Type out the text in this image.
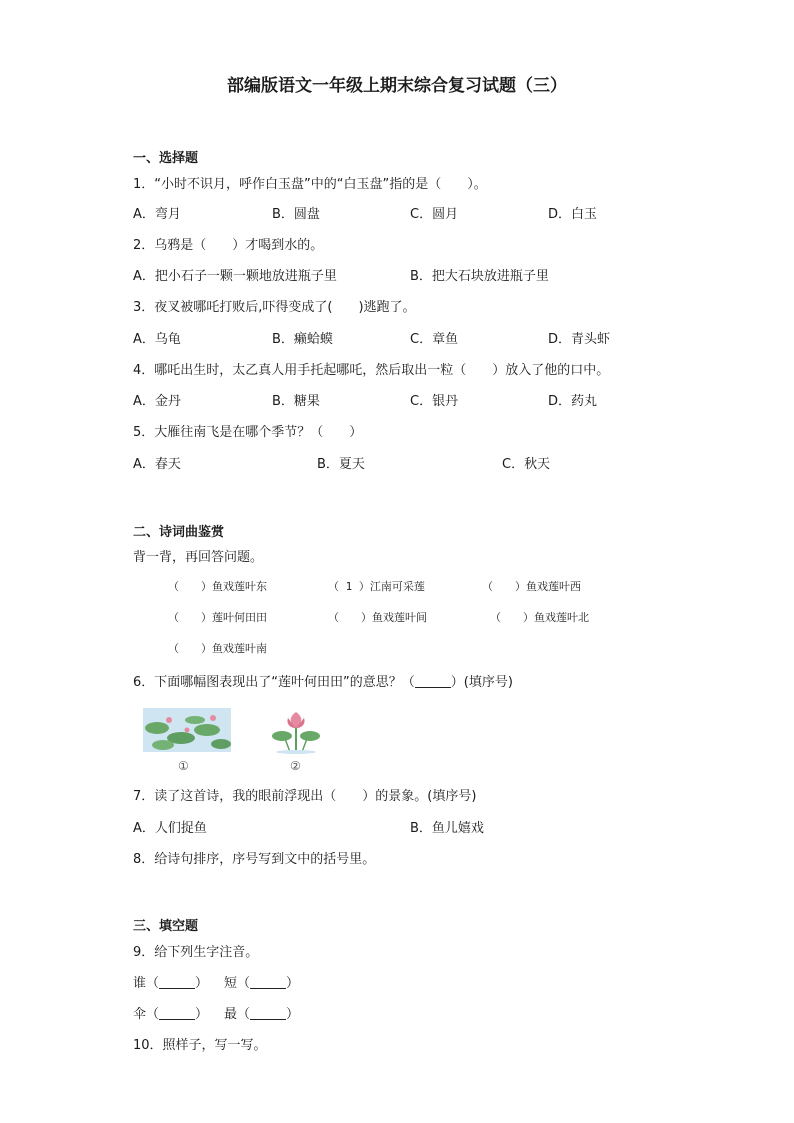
部编版语文一年级上期末综合复习试题（三）
一、选择题
1．“小时不识月，呼作白玉盘”中的“白玉盘”指的是（　　）。
A．弯月	B．圆盘	C．圆月	D．白玉
2．乌鸦是（　　）才喝到水的。
A．把小石子一颗一颗地放进瓶子里	B．把大石块放进瓶子里
3．夜叉被哪吒打败后,吓得变成了(　　)逃跑了。
A．乌龟	B．癞蛤蟆	C．章鱼	D．青头虾
4．哪吒出生时，太乙真人用手托起哪吒，然后取出一粒（　　）放入了他的口中。
A．金丹	B．糖果	C．银丹	D．药丸
5．大雁往南飞是在哪个季节？（　　）
A．春天	B．夏天	C．秋天
二、诗词曲鉴赏
背一背，再回答问题。
（　　）鱼戏莲叶东	（ 1 ）江南可采莲	（　　）鱼戏莲叶西
（　　）莲叶何田田	（　　）鱼戏莲叶间	（　　）鱼戏莲叶北
（　　）鱼戏莲叶南
6．下面哪幅图表现出了“莲叶何田田”的意思？（	）(填序号)
①	②
7．读了这首诗，我的眼前浮现出（　　）的景象。(填序号)
A．人们捉鱼	B．鱼儿嬉戏
8．给诗句排序，序号写到文中的括号里。
三、填空题
9．给下列生字注音。
谁（	） 短（	）
伞（	） 最（	）
10．照样子，写一写。
